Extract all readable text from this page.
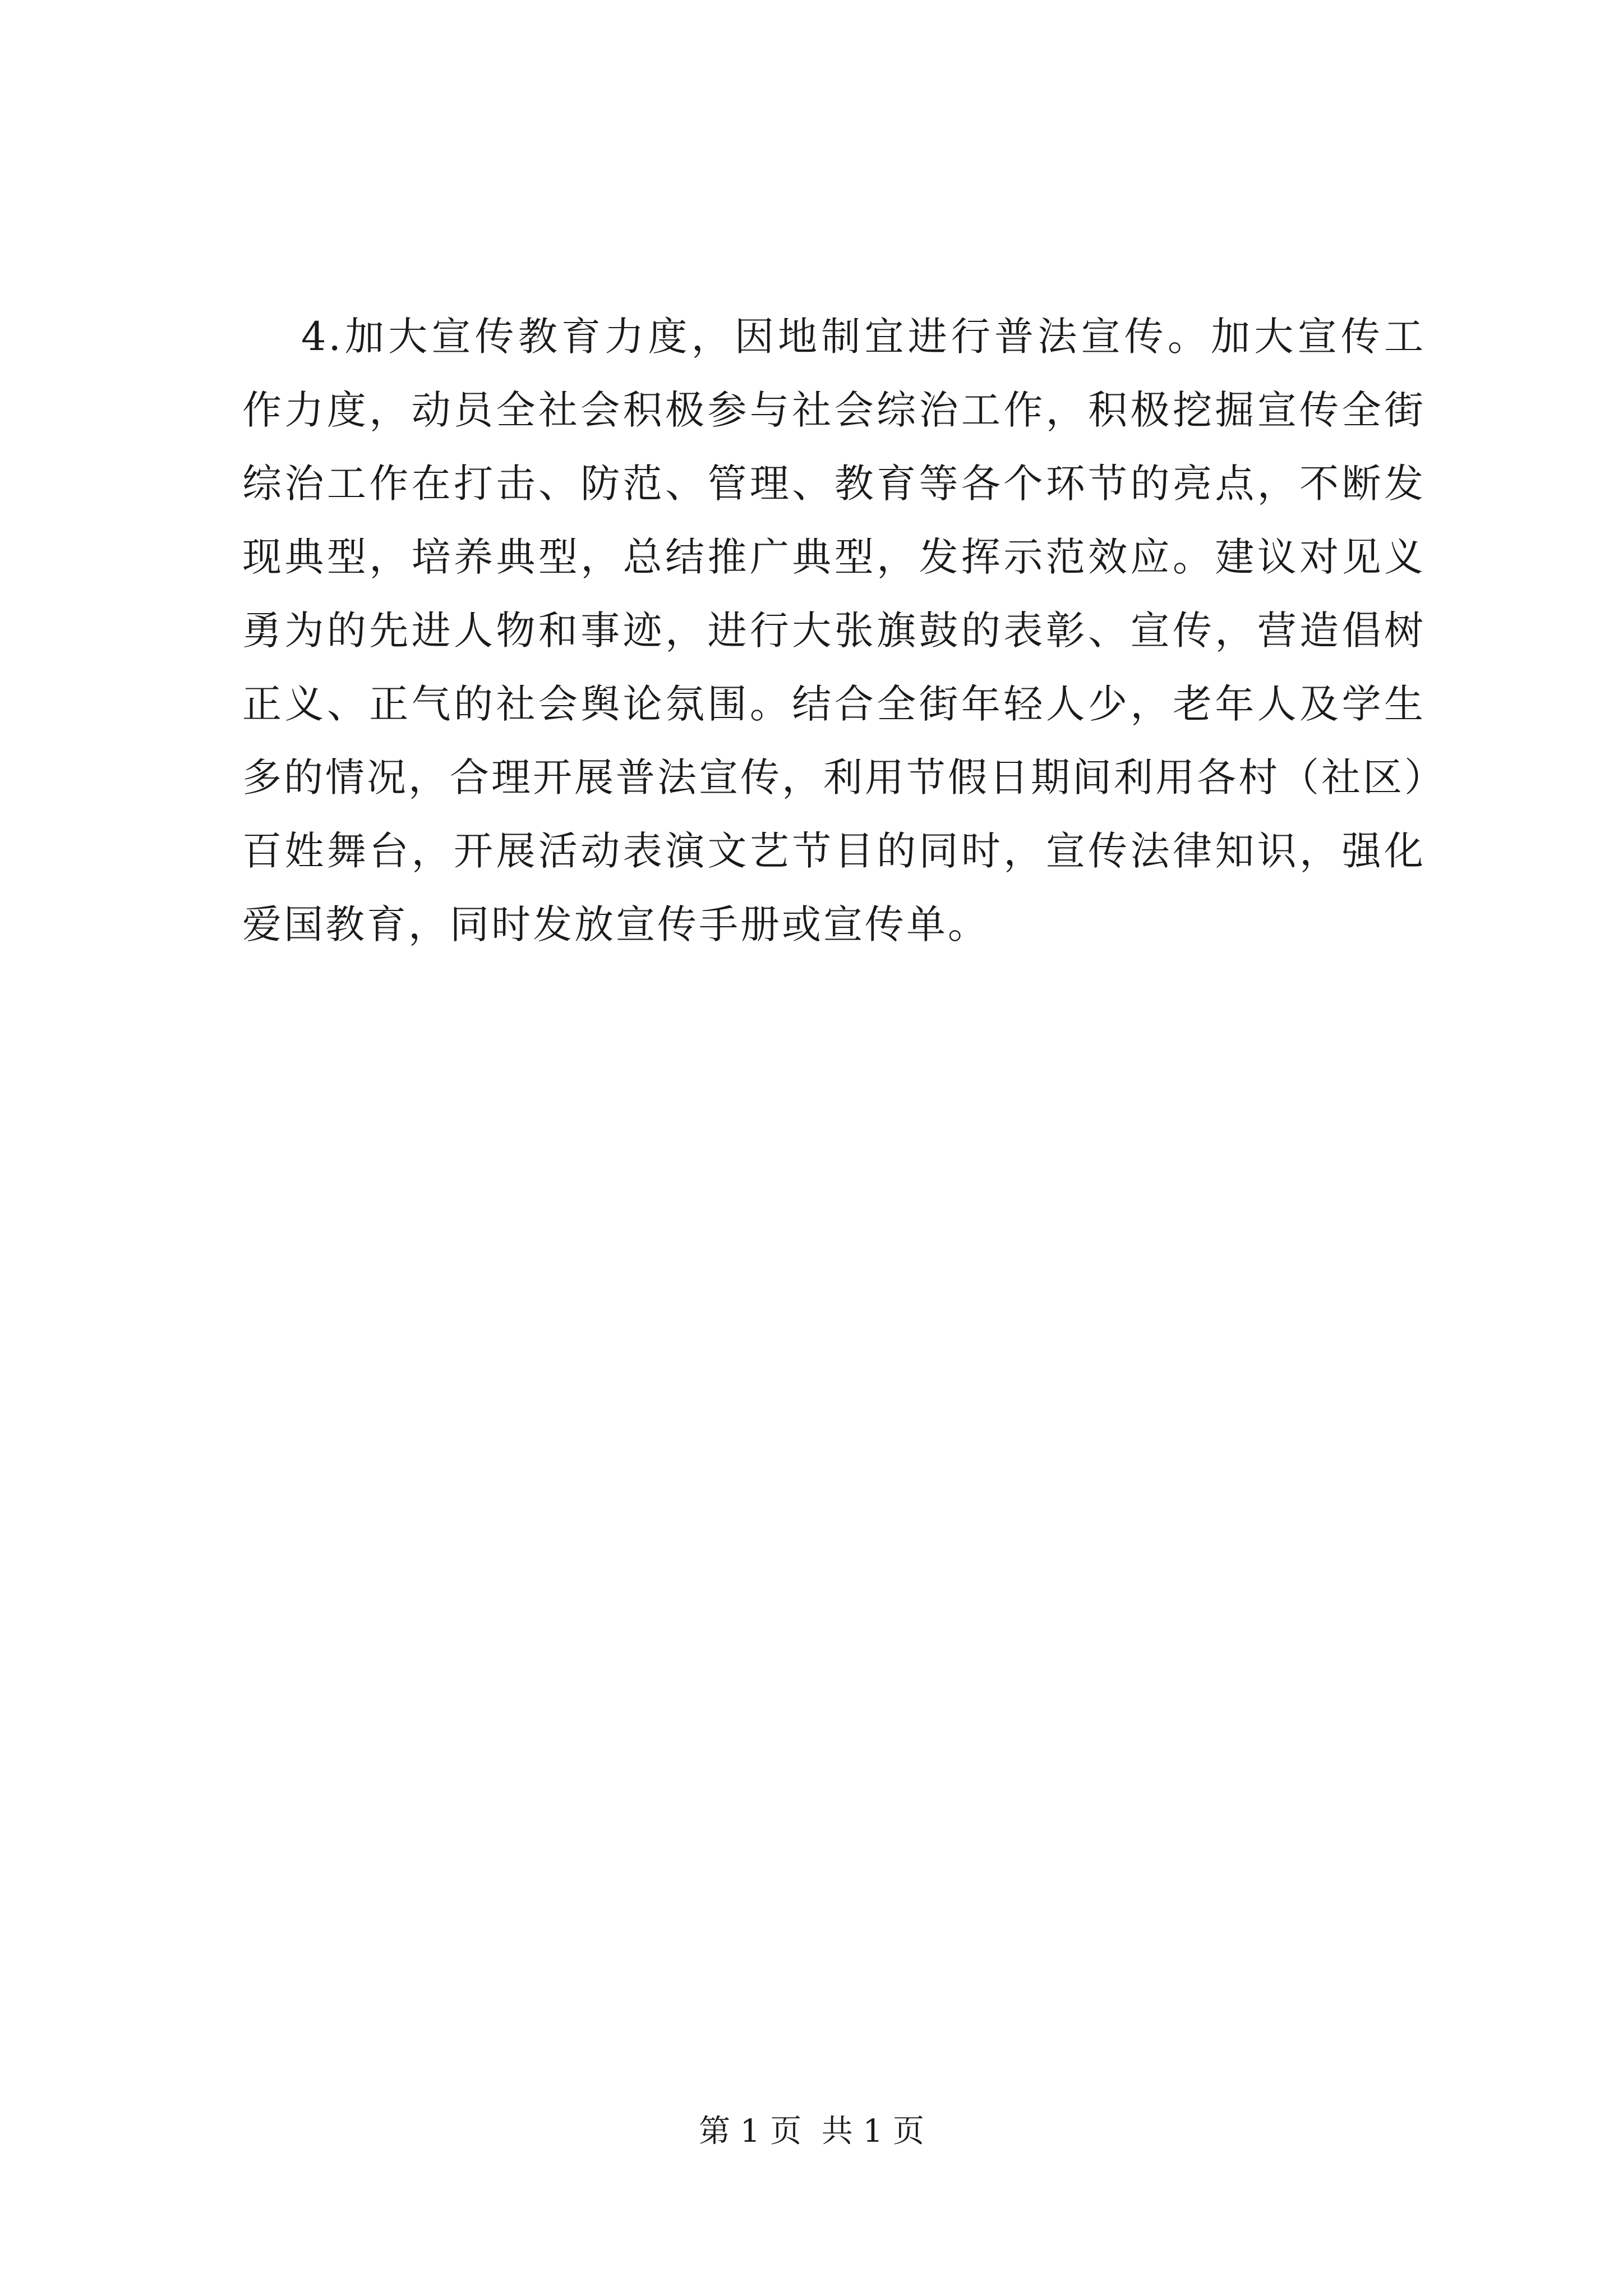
4.加大宣传教育力度，因地制宜进行普法宣传。加大宣传工
作力度，动员全社会积极参与社会综治工作，积极挖掘宣传全街
综治工作在打击、防范、管理、教育等各个环节的亮点，不断发
现典型，培养典型，总结推广典型，发挥示范效应。建议对见义
勇为的先进人物和事迹，进行大张旗鼓的表彰、宣传，营造倡树
正义、正气的社会舆论氛围。结合全街年轻人少，老年人及学生
多的情况，合理开展普法宣传，利用节假日期间利用各村（社区）
百姓舞台，开展活动表演文艺节目的同时，宣传法律知识，强化
爱国教育，同时发放宣传手册或宣传单。
第 1 页  共 1 页
